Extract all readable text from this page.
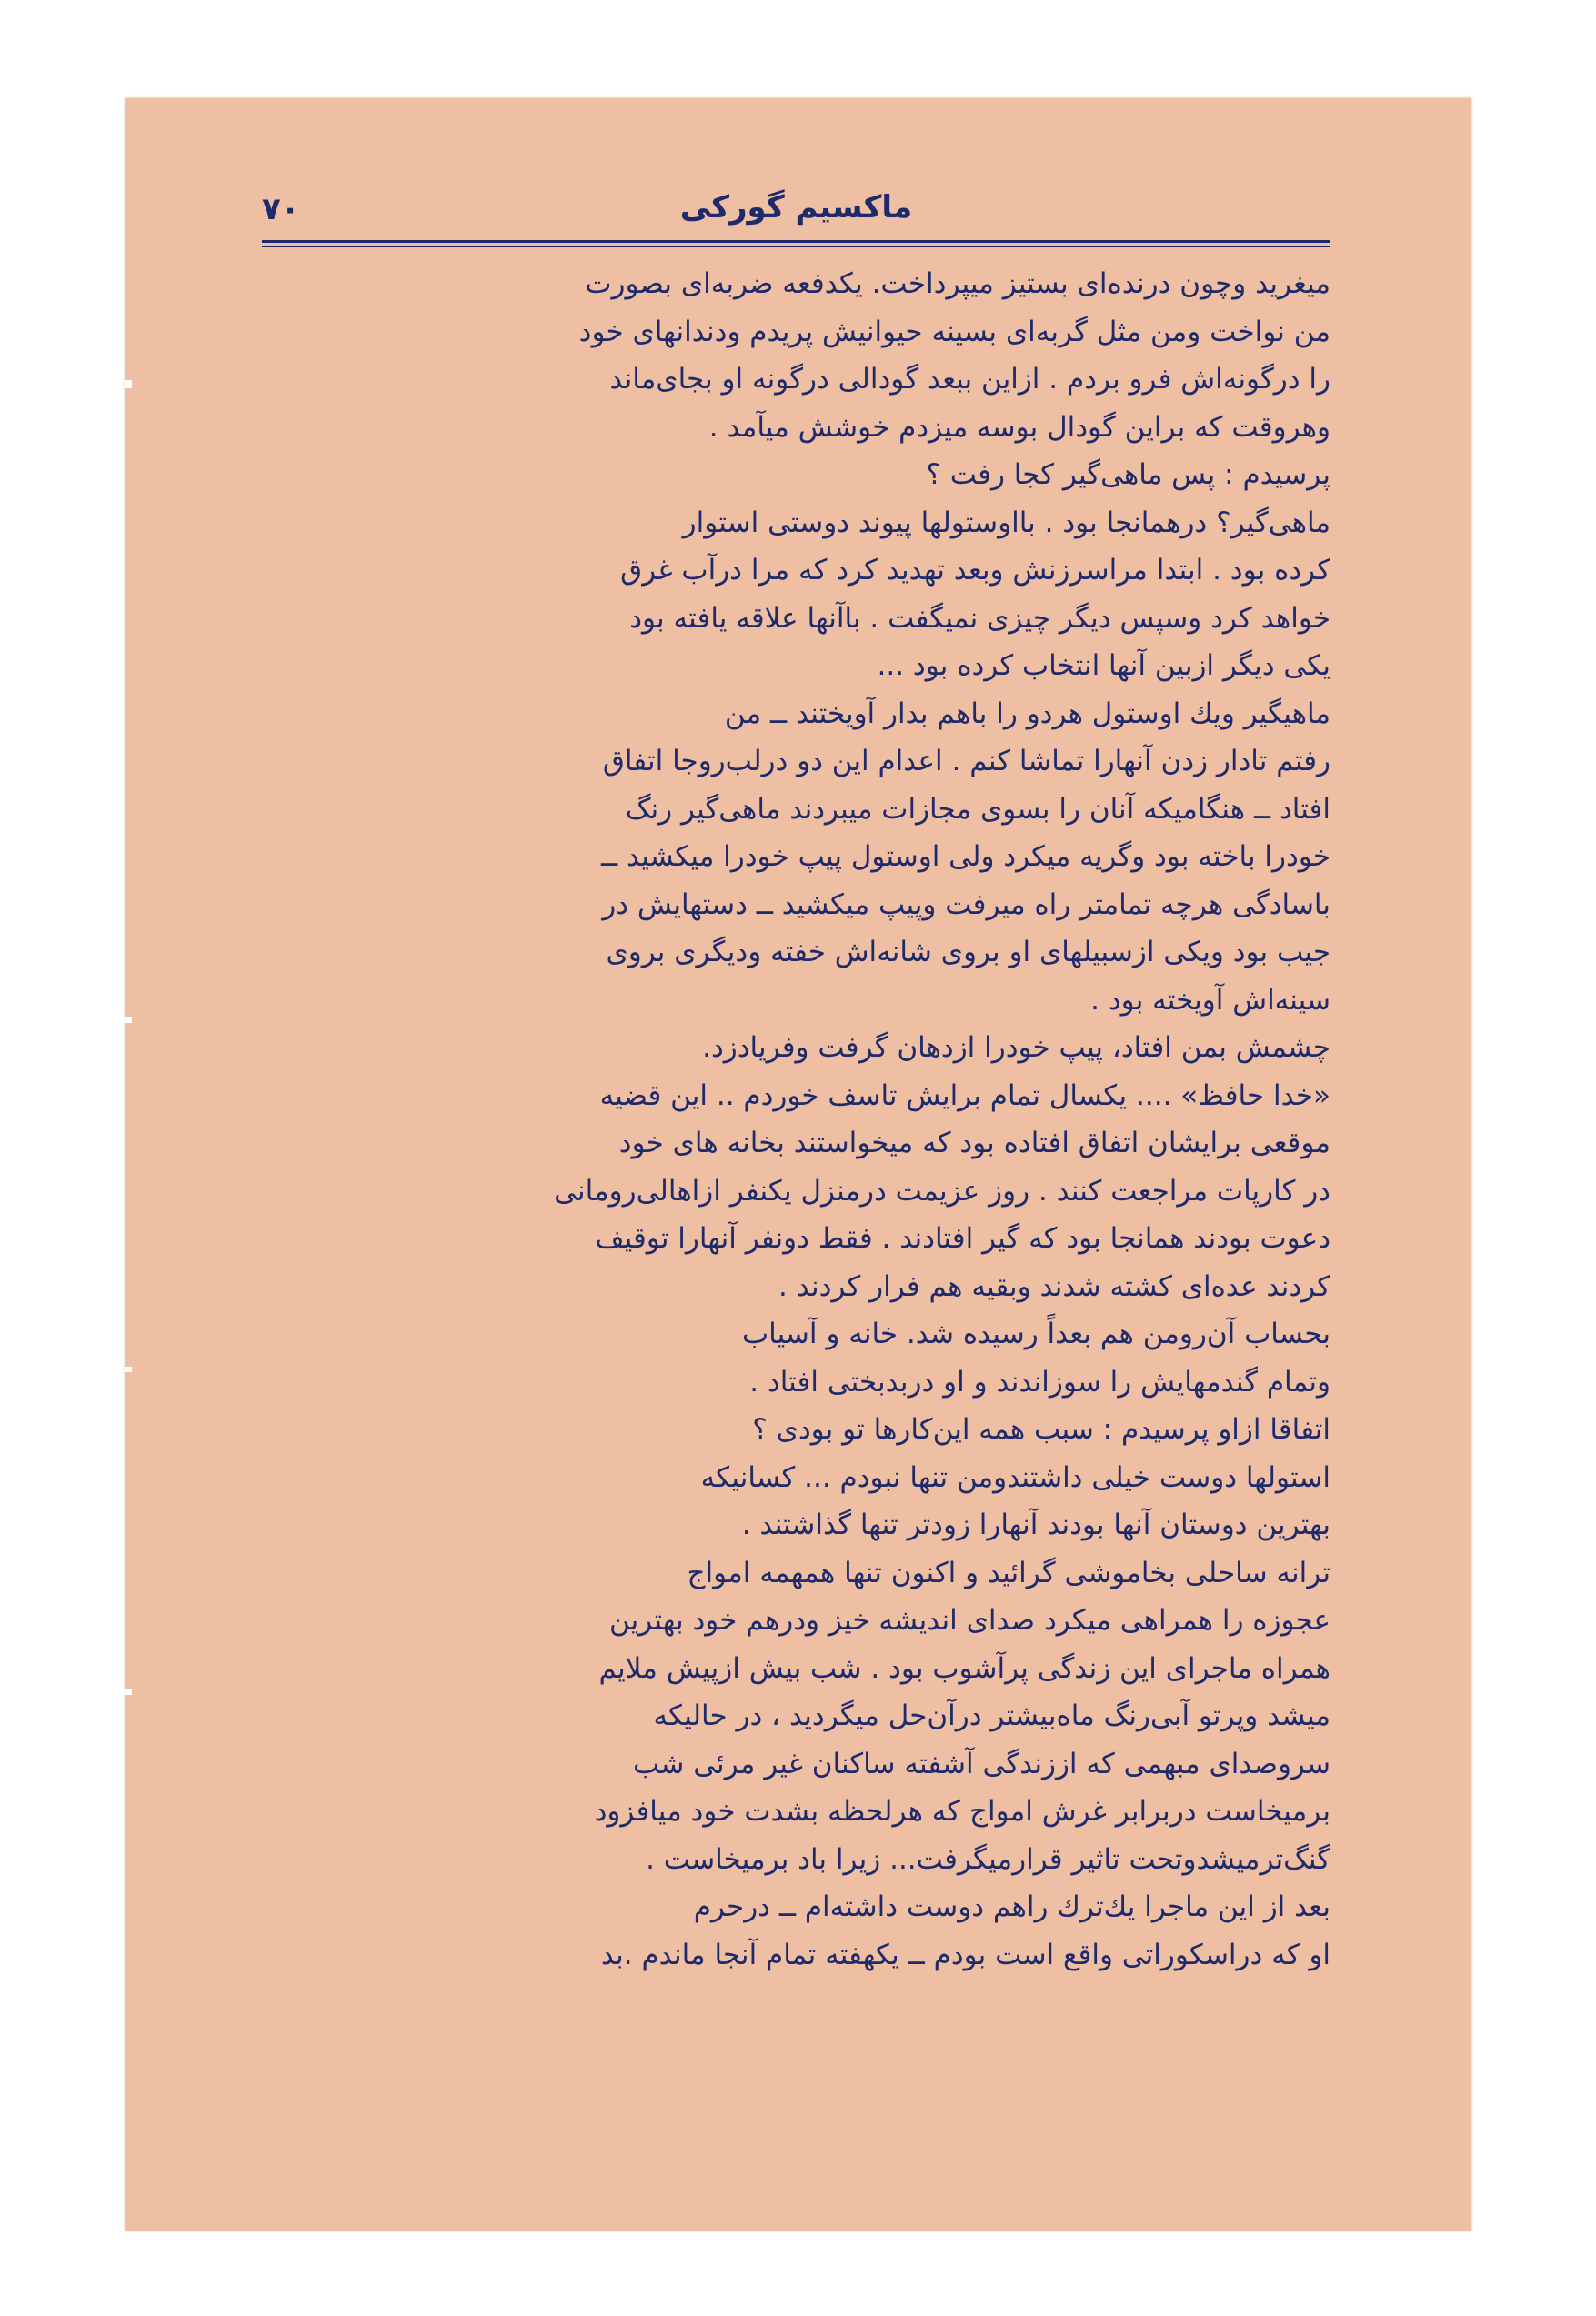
۷۰	ماکسیم گورکی

میغرید وچون درنده‌ای بستیز میپرداخت. یکدفعه ضربه‌ای بصورت

من نواخت ومن مثل گربه‌ای بسینه حیوانیش پریدم ودندانهای خود

را درگونه‌اش فرو بردم . ازاین ببعد گودالی درگونه او بجای‌ماند

وهروقت که براین گودال بوسه میزدم خوشش میآمد .

پرسیدم : پس ماهی‌گیر کجا رفت ؟

ماهی‌گیر؟ درهمانجا بود . بااوستولها پیوند دوستی استوار

کرده بود . ابتدا مراسرزنش وبعد تهدید کرد که مرا درآب غرق

خواهد کرد وسپس دیگر چیزی نمیگفت . باآنها علاقه یافته بود

یکی دیگر ازبین آنها انتخاب کرده بود ...

ماهیگیر ویك اوستول هردو را باهم بدار آویختند ــ من

رفتم تادار زدن آنهارا تماشا کنم . اعدام این دو درلب‌روجا اتفاق

افتاد ــ هنگامیکه آنان را بسوی مجازات میبردند ماهی‌گیر رنگ

خودرا باخته بود وگریه میکرد ولی اوستول پیپ خودرا میکشید ــ

باسادگی هرچه تمامتر راه میرفت وپیپ میکشید ــ دستهایش در

جیب بود ویکی ازسبیلهای او بروی شانه‌اش خفته ودیگری بروی

سینه‌اش آویخته بود .

چشمش بمن افتاد، پیپ خودرا ازدهان گرفت وفریادزد.

«خدا حافظ» .... یکسال تمام برایش تاسف خوردم .. این قضیه

موقعی برایشان اتفاق افتاده بود که میخواستند بخانه های خود

در کارپات مراجعت کنند . روز عزیمت درمنزل یکنفر ازاهالی‌رومانی

دعوت بودند همانجا بود که گیر افتادند . فقط دونفر آنهارا توقیف

کردند عده‌ای کشته شدند وبقیه هم فرار کردند .

بحساب آن‌رومن هم بعداً رسیده شد. خانه و آسیاب

وتمام گندمهایش را سوزاندند و او دربدبختی افتاد .

اتفاقا ازاو پرسیدم : سبب همه این‌کارها تو بودی ؟

استولها دوست خیلی داشتندومن تنها نبودم ... کسانیکه

بهترین دوستان آنها بودند آنهارا زودتر تنها گذاشتند .

ترانه ساحلی بخاموشی گرائید و اکنون تنها همهمه امواج

عجوزه را همراهی میکرد صدای اندیشه خیز ودرهم خود بهترین

همراه ماجرای این زندگی پرآشوب بود . شب بیش ازپیش ملایم

میشد وپرتو آبی‌رنگ ماه‌بیشتر درآن‌حل میگردید ، در حالیکه

سروصدای مبهمی که اززندگی آشفته ساکنان غیر مرئی شب

برمیخاست دربرابر غرش امواج که هرلحظه بشدت خود میافزود

گنگ‌ترمیشدوتحت تاثیر قرارمیگرفت... زیرا باد برمیخاست .

بعد از این ماجرا یك‌ترك راهم دوست داشته‌ام ــ درحرم

او که دراسکوراتی واقع است بودم ــ یکهفته تمام آنجا ماندم .بد
